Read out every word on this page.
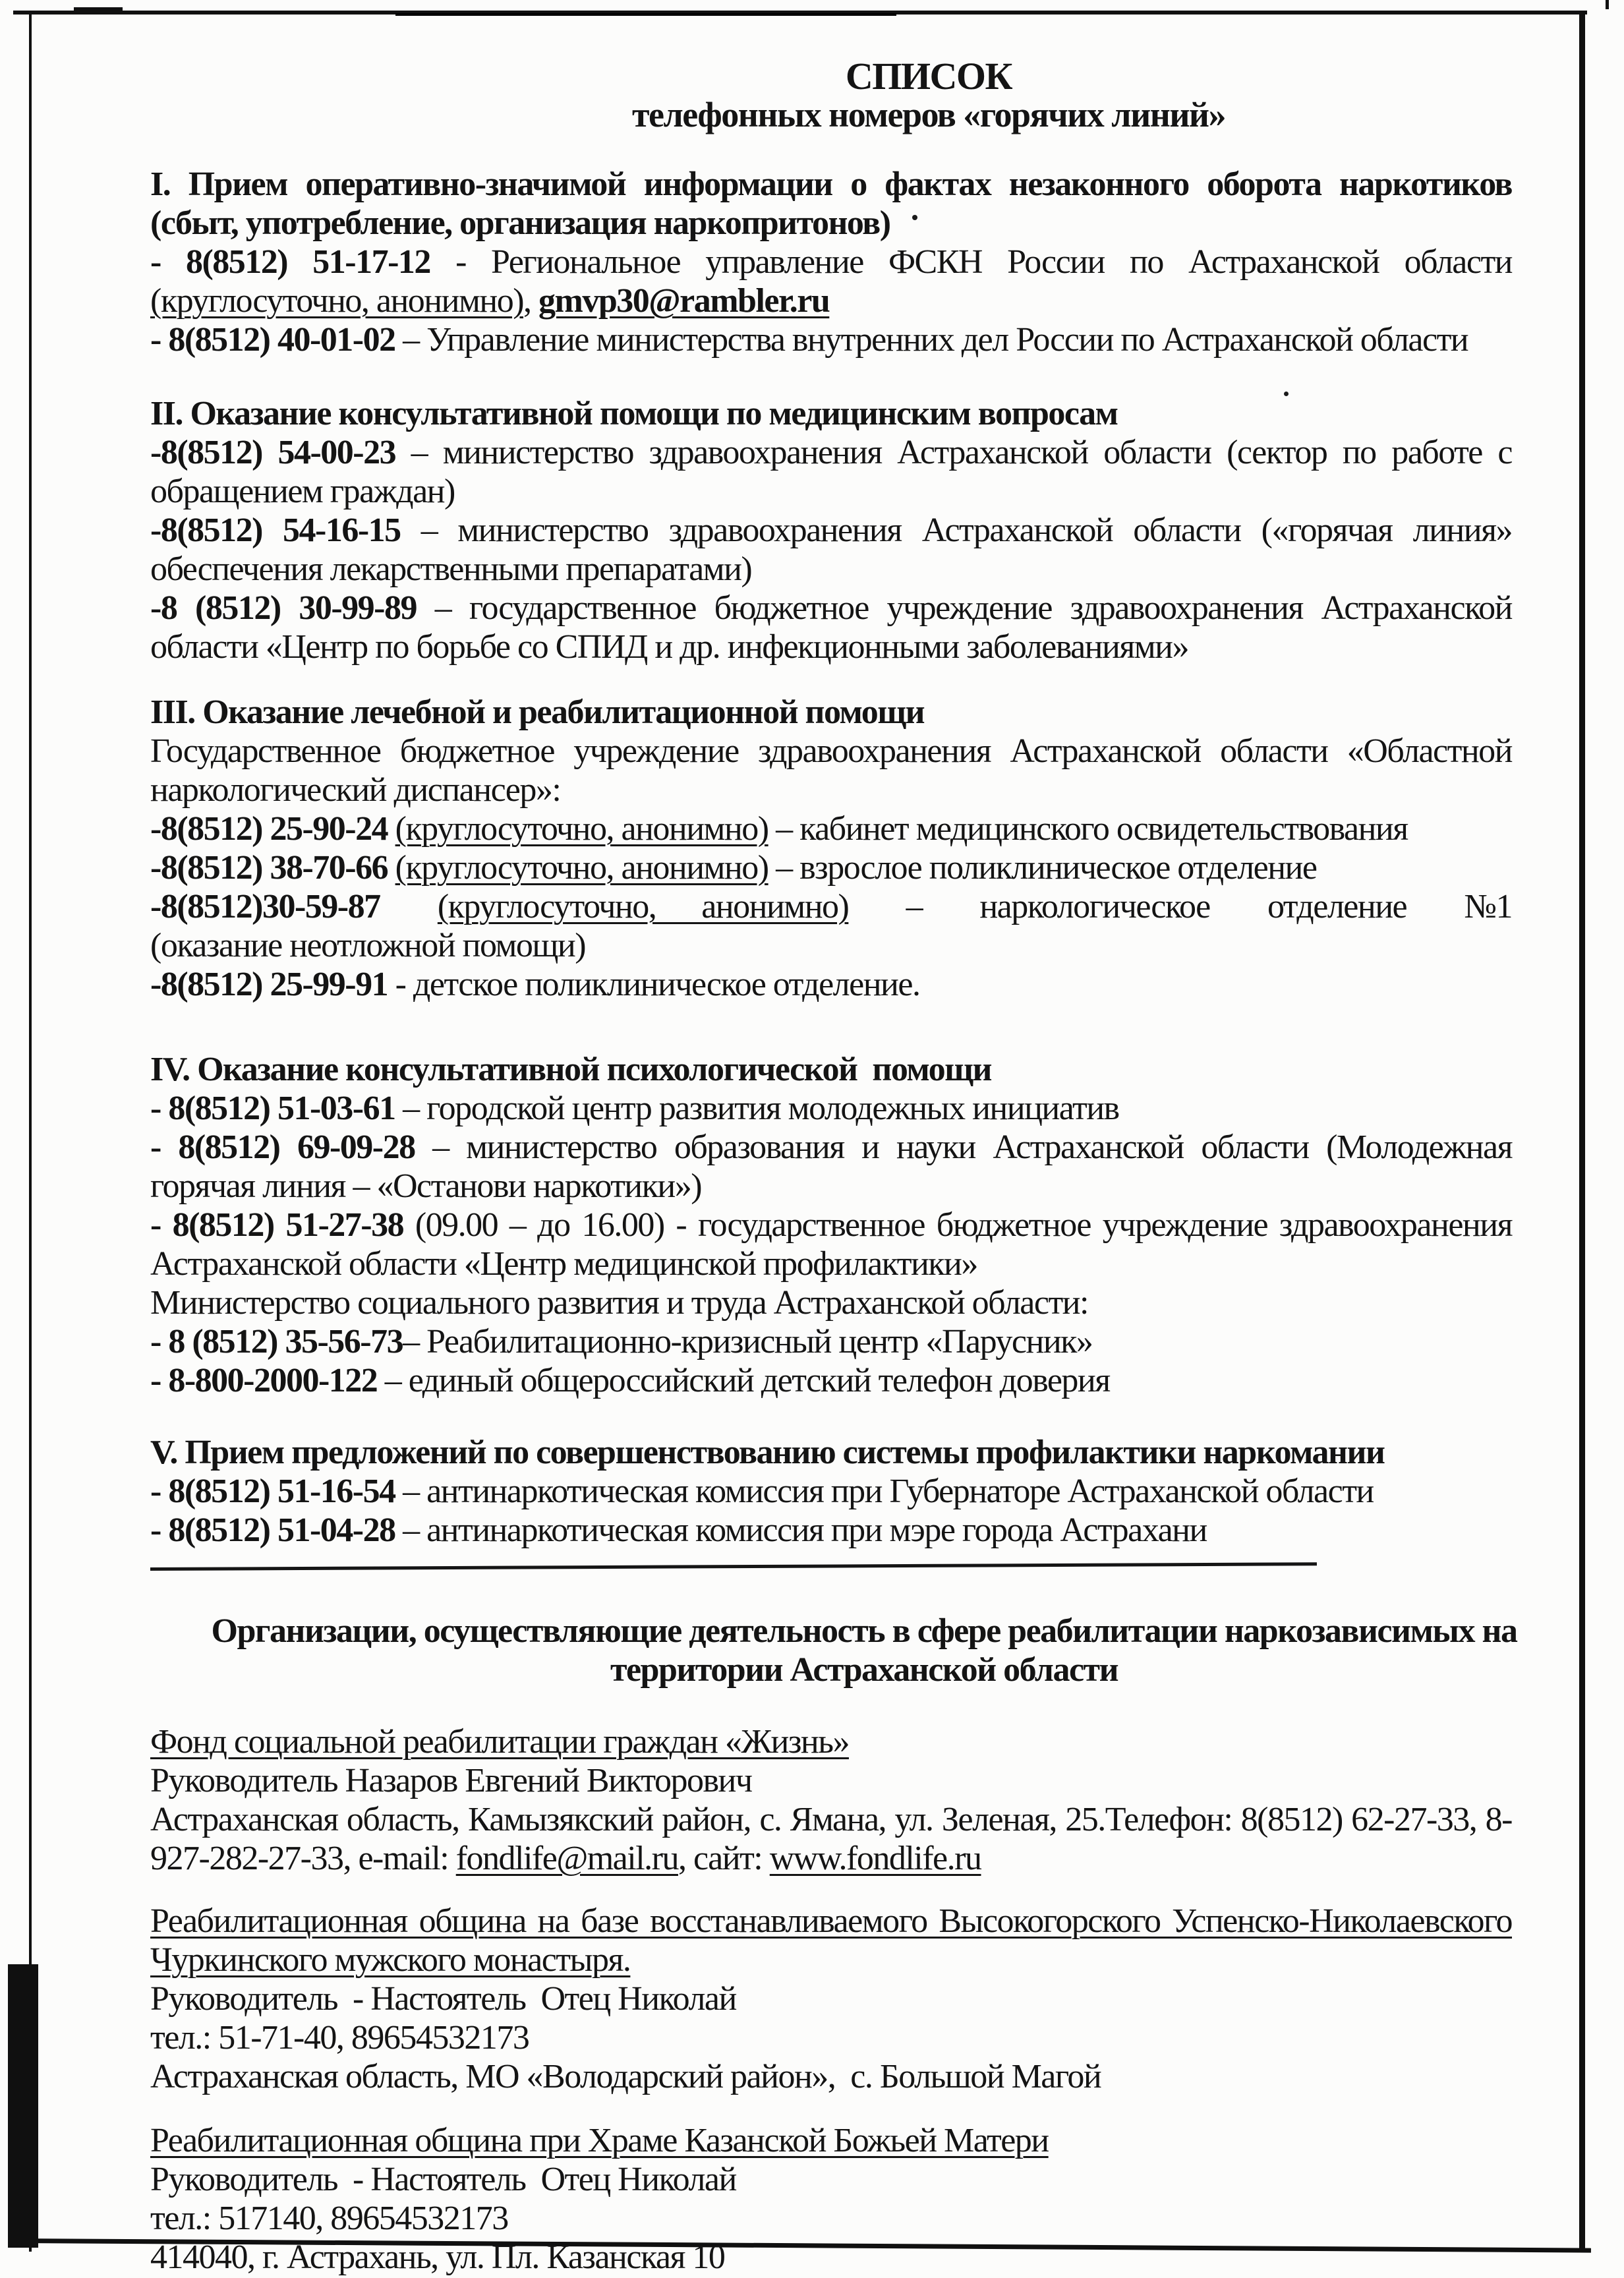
СПИСОК

телефонных номеров «горячих линий»

I. Прием оперативно-значимой информации о фактах незаконного оборота наркотиков (сбыт, употребление, организация наркопритонов)

- 8(8512) 51-17-12 - Региональное управление ФСКН России по Астраханской области (круглосуточно, анонимно), gmvp30@rambler.ru

- 8(8512) 40-01-02 – Управление министерства внутренних дел России по Астраханской области

II. Оказание консультативной помощи по медицинским вопросам

-8(8512) 54-00-23 – министерство здравоохранения Астраханской области (сектор по работе с обращением граждан)

-8(8512) 54-16-15 – министерство здравоохранения Астраханской области («горячая линия» обеспечения лекарственными препаратами)

-8 (8512) 30-99-89 – государственное бюджетное учреждение здравоохранения Астраханской области «Центр по борьбе со СПИД и др. инфекционными заболеваниями»

III. Оказание лечебной и реабилитационной помощи

Государственное бюджетное учреждение здравоохранения Астраханской области «Областной наркологический диспансер»:

-8(8512) 25-90-24 (круглосуточно, анонимно) – кабинет медицинского освидетельствования

-8(8512) 38-70-66 (круглосуточно, анонимно) – взрослое поликлиническое отделение

-8(8512)30-59-87 (круглосуточно,      анонимно) – наркологическое отделение №1

(оказание неотложной помощи)

-8(8512) 25-99-91 - детское поликлиническое отделение.

IV. Оказание консультативной психологической  помощи

- 8(8512) 51-03-61 – городской центр развития молодежных инициатив

- 8(8512) 69-09-28 – министерство образования и науки Астраханской области (Молодежная горячая линия – «Останови наркотики»)

- 8(8512) 51-27-38 (09.00 – до 16.00) - государственное бюджетное учреждение здравоохранения Астраханской области «Центр медицинской профилактики»

Министерство социального развития и труда Астраханской области:

- 8 (8512) 35-56-73– Реабилитационно-кризисный центр «Парусник»

- 8-800-2000-122 – единый общероссийский детский телефон доверия

V. Прием предложений по совершенствованию системы профилактики наркомании

- 8(8512) 51-16-54 – антинаркотическая комиссия при Губернаторе Астраханской области

- 8(8512) 51-04-28 – антинаркотическая комиссия при мэре города Астрахани

Организации, осуществляющие деятельность в сфере реабилитации наркозависимых на

территории Астраханской области

Фонд социальной реабилитации граждан «Жизнь»

Руководитель Назаров Евгений Викторович

Астраханская область, Камызякский район, с. Ямана, ул. Зеленая, 25.Телефон: 8(8512) 62-27-33, 8-927-282-27-33, e-mail: fondlife@mail.ru, сайт: www.fondlife.ru

Реабилитационная община на базе восстанавливаемого Высокогорского Успенско-Николаевского Чуркинского мужского монастыря.

Руководитель  - Настоятель  Отец Николай

тел.: 51-71-40, 89654532173

Астраханская область, МО «Володарский район»,  с. Большой Магой

Реабилитационная община при Храме Казанской Божьей Матери

Руководитель  - Настоятель  Отец Николай

тел.: 517140, 89654532173

414040, г. Астрахань, ул. Пл. Казанская 10
